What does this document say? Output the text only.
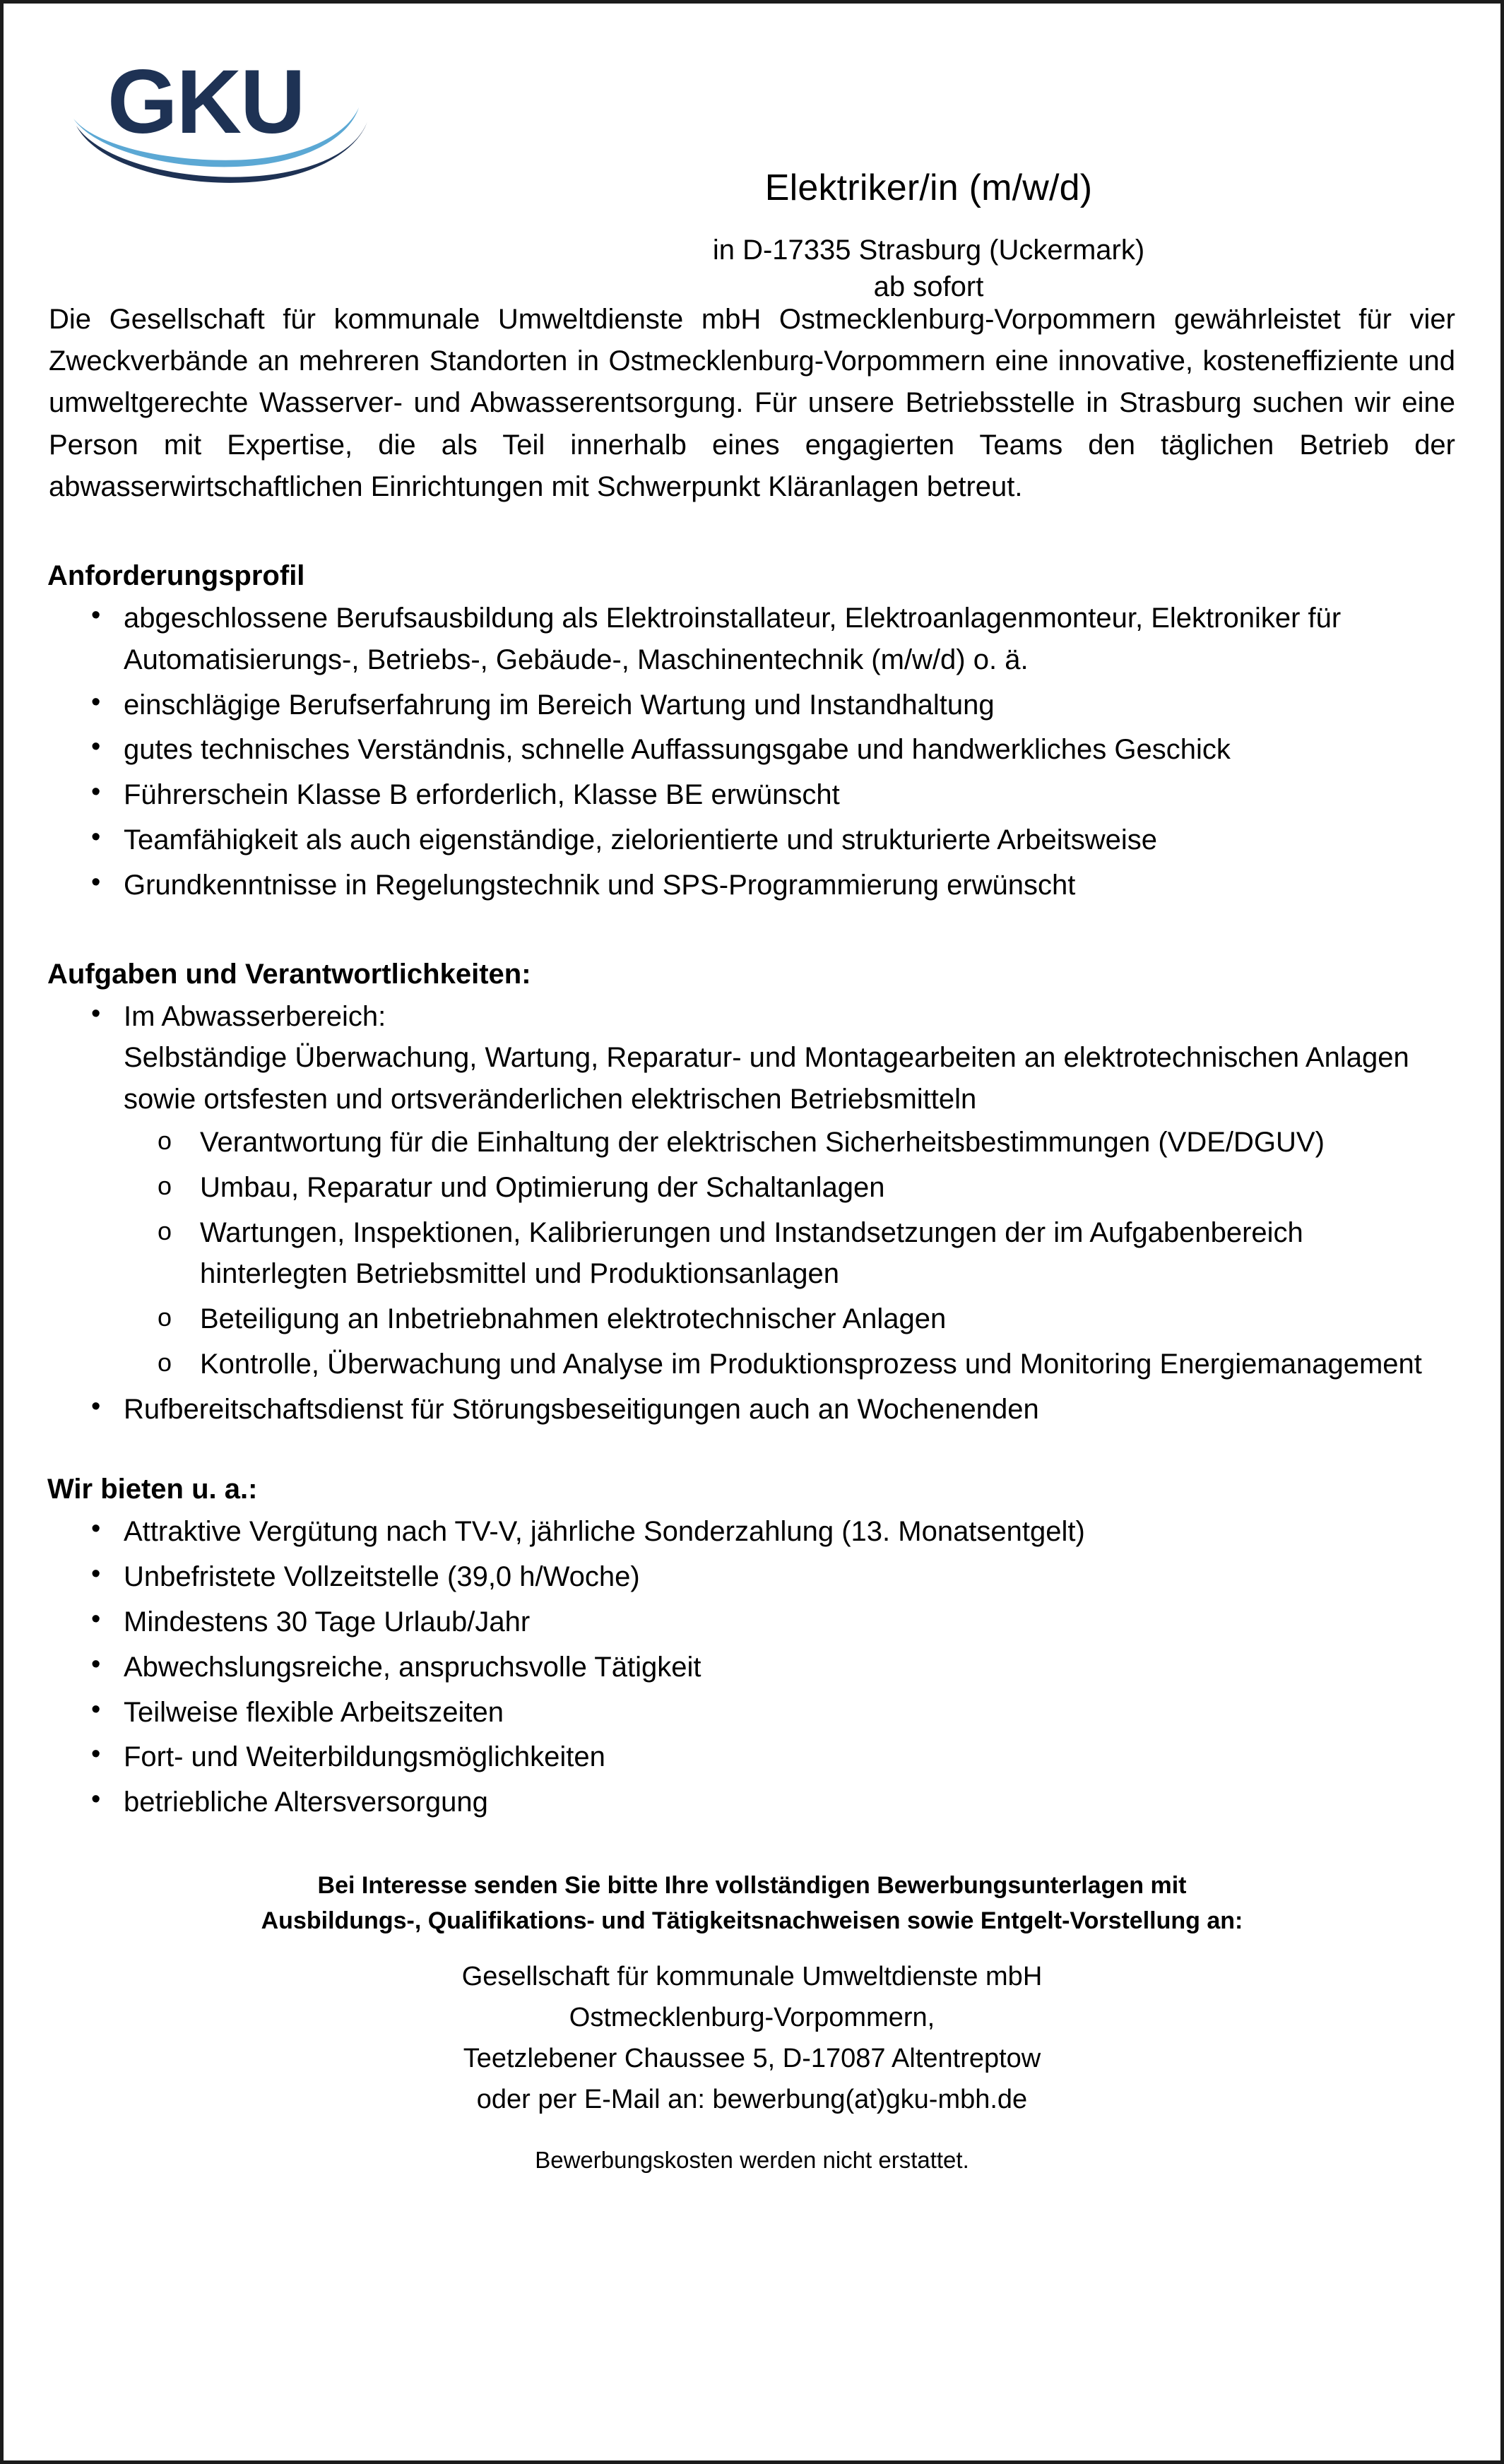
GKU
Elektriker/in (m/w/d)
in D-17335 Strasburg (Uckermark)
ab sofort
Die Gesellschaft für kommunale Umweltdienste mbH Ostmecklenburg-Vorpommern gewährleistet für vier Zweckverbände an mehreren Standorten in Ostmecklenburg-Vorpommern eine innovative, kosteneffiziente und umweltgerechte Wasserver- und Abwasserentsorgung. Für unsere Betriebsstelle in Strasburg suchen wir eine Person mit Expertise, die als Teil innerhalb eines engagierten Teams den täglichen Betrieb der abwasserwirtschaftlichen Einrichtungen mit Schwerpunkt Kläranlagen betreut.
Anforderungsprofil
• abgeschlossene Berufsausbildung als Elektroinstallateur, Elektroanlagenmonteur, Elektroniker für Automatisierungs-, Betriebs-, Gebäude-, Maschinentechnik (m/w/d) o. ä.
• einschlägige Berufserfahrung im Bereich Wartung und Instandhaltung
• gutes technisches Verständnis, schnelle Auffassungsgabe und handwerkliches Geschick
• Führerschein Klasse B erforderlich, Klasse BE erwünscht
• Teamfähigkeit als auch eigenständige, zielorientierte und strukturierte Arbeitsweise
• Grundkenntnisse in Regelungstechnik und SPS-Programmierung erwünscht
Aufgaben und Verantwortlichkeiten:
• Im Abwasserbereich:
Selbständige Überwachung, Wartung, Reparatur- und Montagearbeiten an elektrotechnischen Anlagen sowie ortsfesten und ortsveränderlichen elektrischen Betriebsmitteln
o Verantwortung für die Einhaltung der elektrischen Sicherheitsbestimmungen (VDE/DGUV)
o Umbau, Reparatur und Optimierung der Schaltanlagen
o Wartungen, Inspektionen, Kalibrierungen und Instandsetzungen der im Aufgabenbereich hinterlegten Betriebsmittel und Produktionsanlagen
o Beteiligung an Inbetriebnahmen elektrotechnischer Anlagen
o Kontrolle, Überwachung und Analyse im Produktionsprozess und Monitoring Energiemanagement
• Rufbereitschaftsdienst für Störungsbeseitigungen auch an Wochenenden
Wir bieten u. a.:
• Attraktive Vergütung nach TV-V, jährliche Sonderzahlung (13. Monatsentgelt)
• Unbefristete Vollzeitstelle (39,0 h/Woche)
• Mindestens 30 Tage Urlaub/Jahr
• Abwechslungsreiche, anspruchsvolle Tätigkeit
• Teilweise flexible Arbeitszeiten
• Fort- und Weiterbildungsmöglichkeiten
• betriebliche Altersversorgung
Bei Interesse senden Sie bitte Ihre vollständigen Bewerbungsunterlagen mit
Ausbildungs-, Qualifikations- und Tätigkeitsnachweisen sowie Entgelt-Vorstellung an:
Gesellschaft für kommunale Umweltdienste mbH
Ostmecklenburg-Vorpommern,
Teetzlebener Chaussee 5, D-17087 Altentreptow
oder per E-Mail an: bewerbung(at)gku-mbh.de
Bewerbungskosten werden nicht erstattet.
